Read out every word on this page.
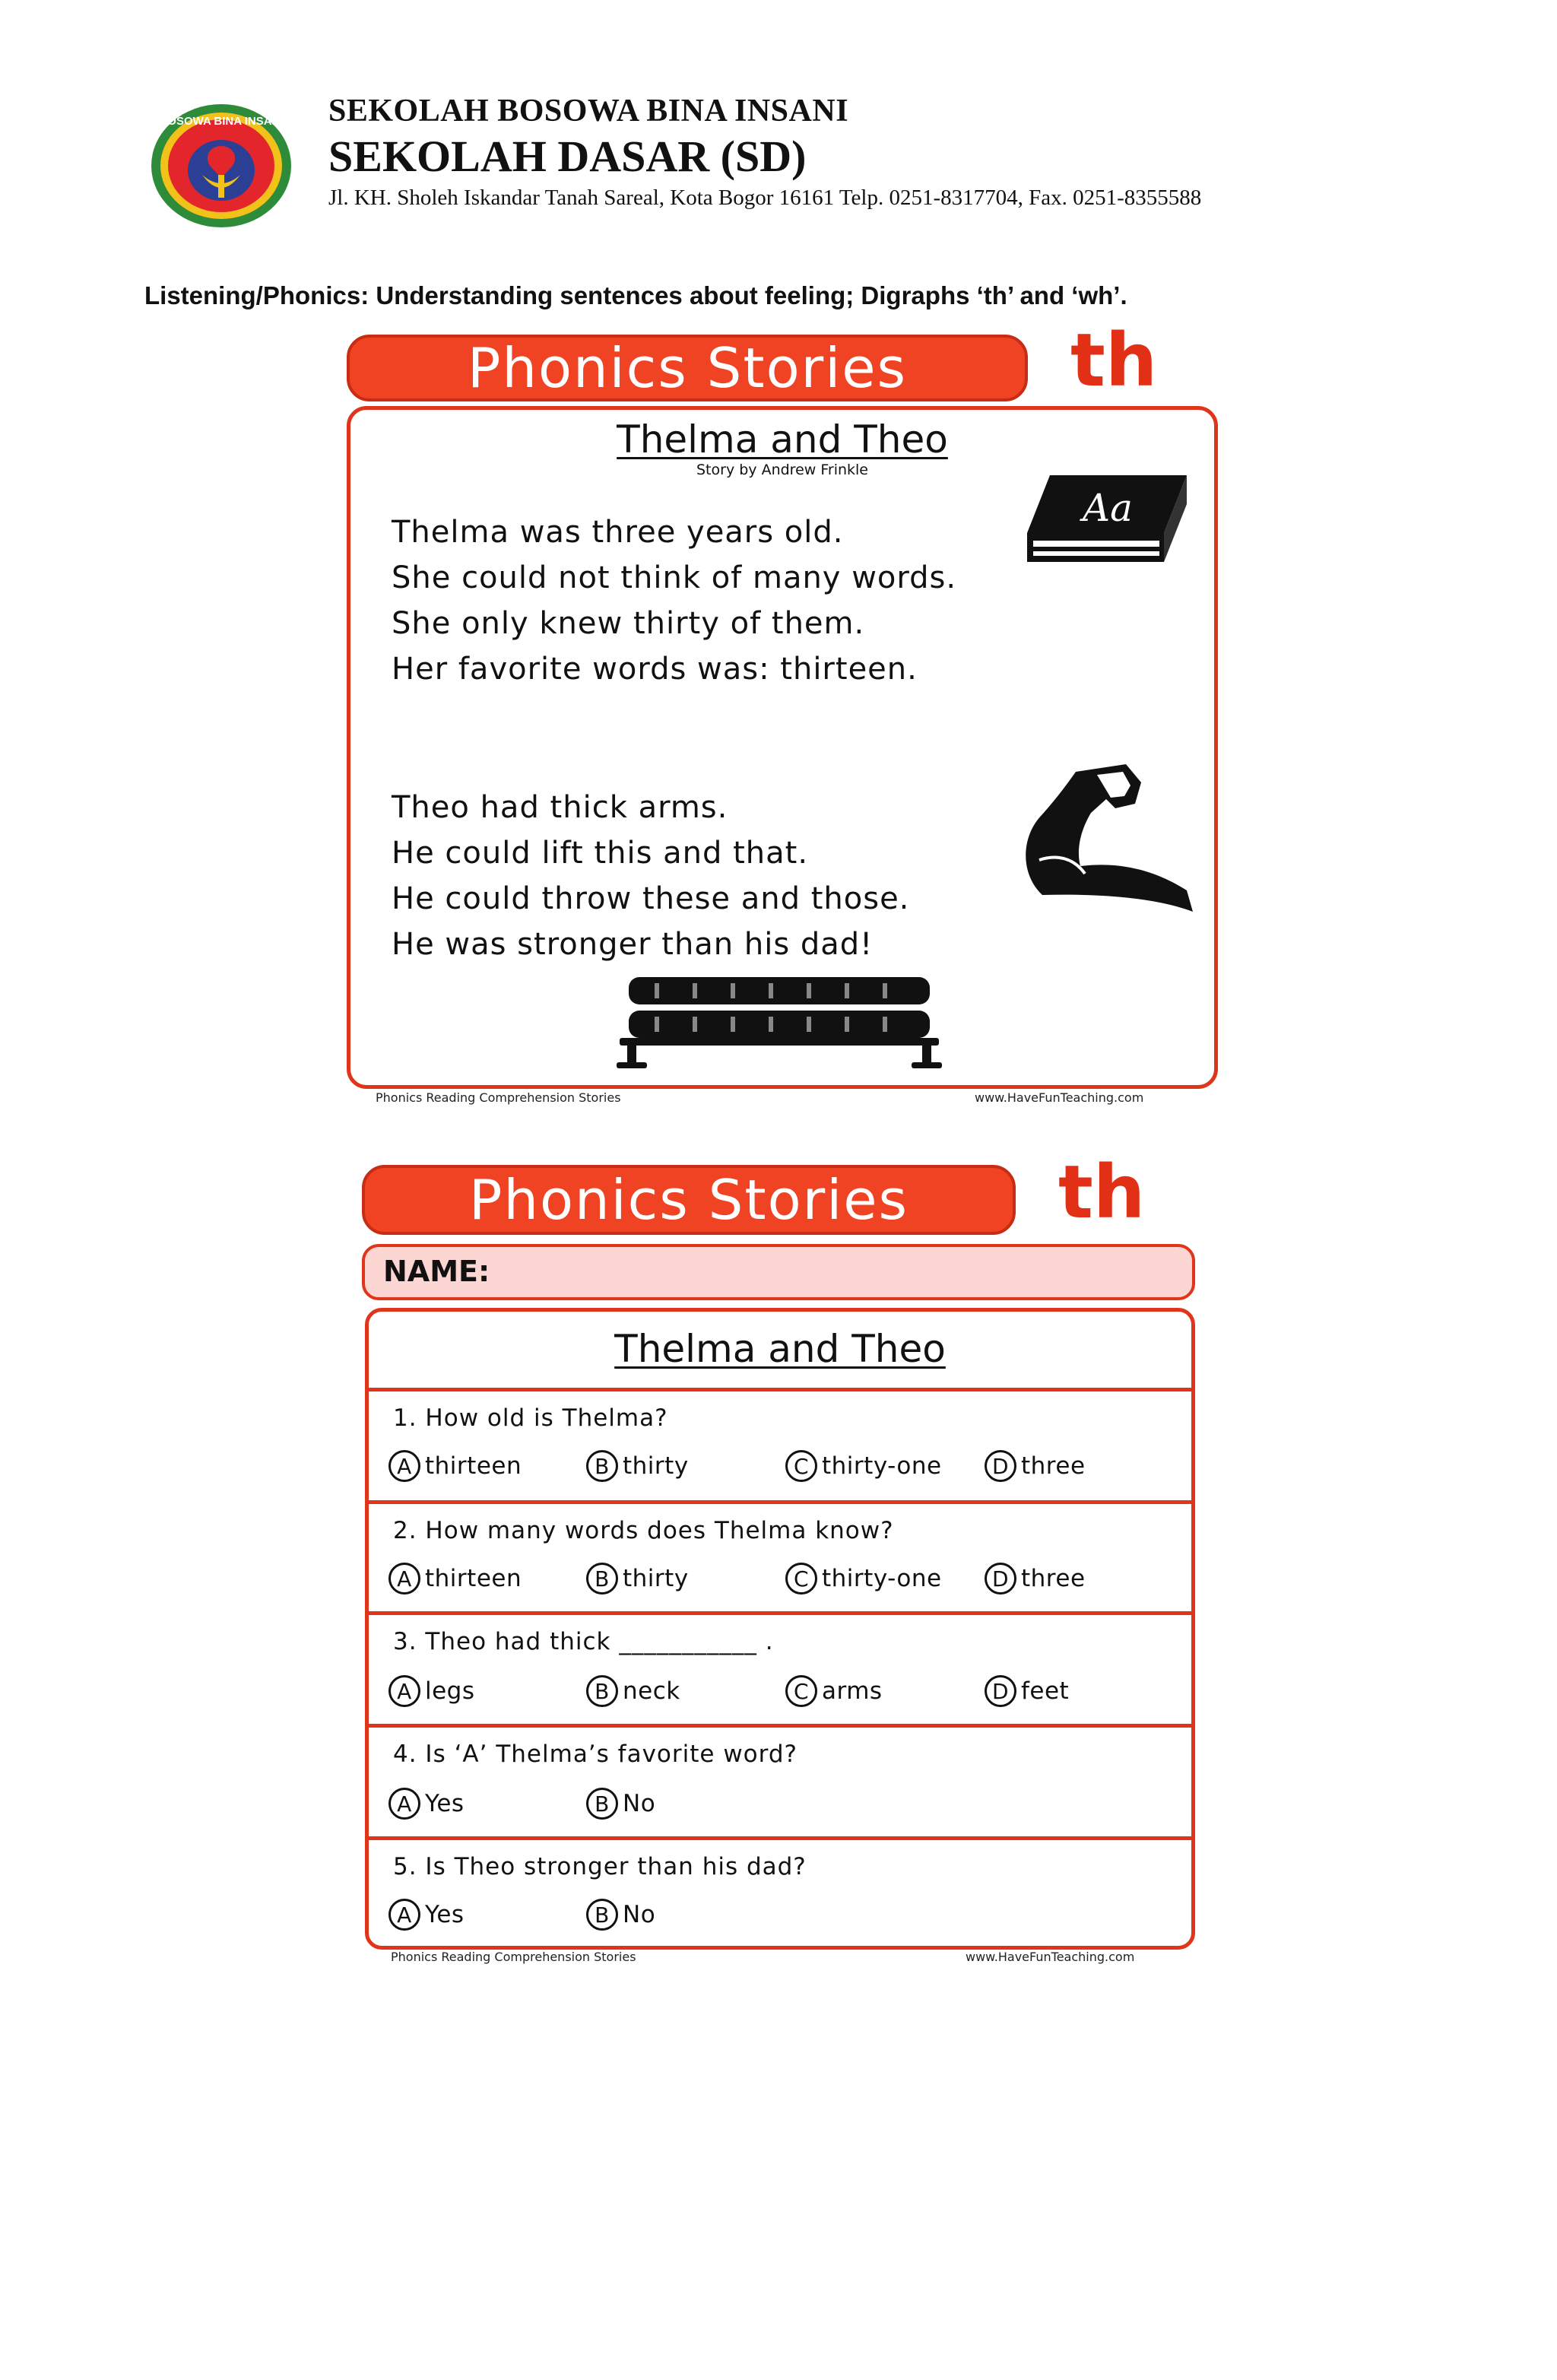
BOSOWA BINA INSANI SEKOLAH BOSOWA BINA INSANI
SEKOLAH DASAR (SD)
Jl. KH. Sholeh Iskandar Tanah Sareal, Kota Bogor 16161 Telp. 0251-8317704, Fax. 0251-8355588
Listening/Phonics: Understanding sentences about feeling; Digraphs ‘th’ and ‘wh’.
Phonics Stories	th
Thelma and Theo
Story by Andrew Frinkle
Aa
Thelma was three years old.
She could not think of many words.
She only knew thirty of them.
Her favorite words was: thirteen.
Theo had thick arms.
He could lift this and that.
He could throw these and those.
He was stronger than his dad!
Phonics Reading Comprehension Stories	www.HaveFunTeaching.com
Phonics Stories	th
NAME:
Thelma and Theo
1. How old is Thelma?
A thirteen	B thirty	C thirty-one	D three
2. How many words does Thelma know?
A thirteen	B thirty	C thirty-one	D three
3. Theo had thick ___________ .
A legs	B neck	C arms	D feet
4. Is ‘A’ Thelma’s favorite word?
A Yes	B No
5. Is Theo stronger than his dad?
A Yes	B No
Phonics Reading Comprehension Stories	www.HaveFunTeaching.com
